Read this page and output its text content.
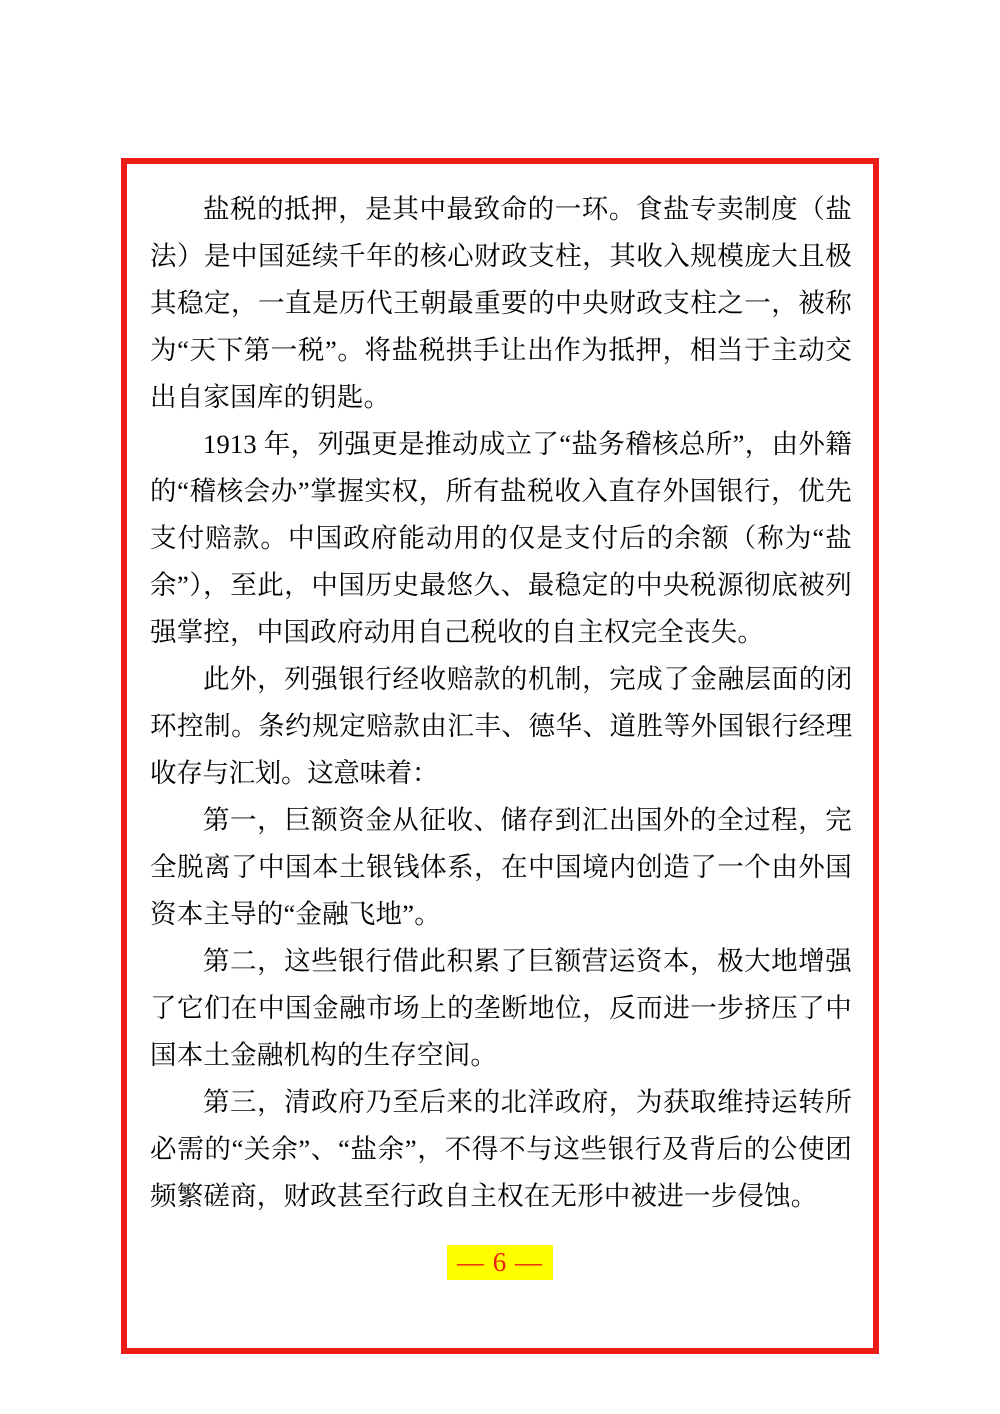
盐税的抵押，是其中最致命的一环。食盐专卖制度（盐法）是中国延续千年的核心财政支柱，其收入规模庞大且极其稳定，一直是历代王朝最重要的中央财政支柱之一，被称为“天下第一税”。将盐税拱手让出作为抵押，相当于主动交出自家国库的钥匙。

1913 年，列强更是推动成立了“盐务稽核总所”，由外籍的“稽核会办”掌握实权，所有盐税收入直存外国银行，优先支付赔款。中国政府能动用的仅是支付后的余额（称为“盐余”），至此，中国历史最悠久、最稳定的中央税源彻底被列强掌控，中国政府动用自己税收的自主权完全丧失。

此外，列强银行经收赔款的机制，完成了金融层面的闭环控制。条约规定赔款由汇丰、德华、道胜等外国银行经理收存与汇划。这意味着：

第一，巨额资金从征收、储存到汇出国外的全过程，完全脱离了中国本土银钱体系，在中国境内创造了一个由外国资本主导的“金融飞地”。

第二，这些银行借此积累了巨额营运资本，极大地增强了它们在中国金融市场上的垄断地位，反而进一步挤压了中国本土金融机构的生存空间。

第三，清政府乃至后来的北洋政府，为获取维持运转所必需的“关余”、“盐余”，不得不与这些银行及背后的公使团频繁磋商，财政甚至行政自主权在无形中被进一步侵蚀。

— 6 —
